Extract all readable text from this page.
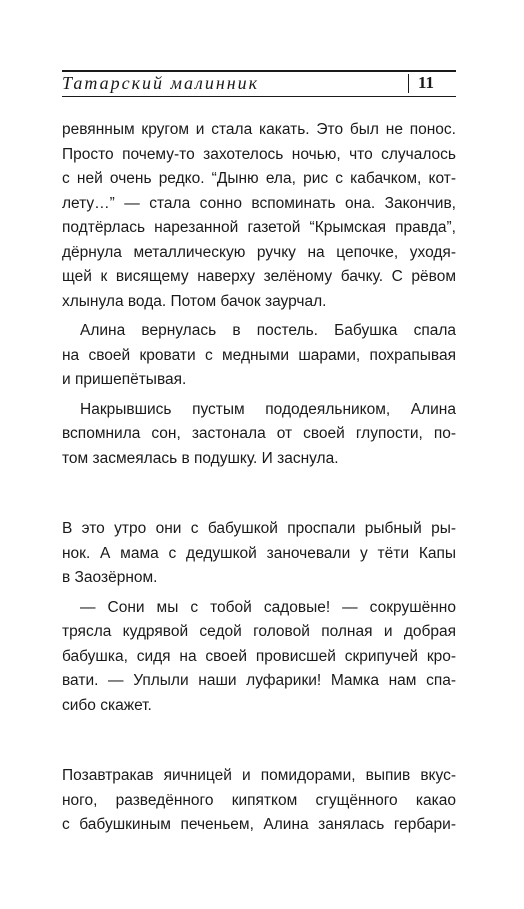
Татарский малинник	11
ревянным кругом и стала какать. Это был не понос.
Просто почему-то захотелось ночью, что случалось
с ней очень редко. “Дыню ела, рис с кабачком, кот-
лету…” — стала сонно вспоминать она. Закончив,
подтёрлась нарезанной газетой “Крымская правда”,
дёрнула металлическую ручку на цепочке, уходя-
щей к висящему наверху зелёному бачку. С рёвом
хлынула вода. Потом бачок заурчал.
Алина вернулась в постель. Бабушка спала
на своей кровати с медными шарами, похрапывая
и пришепётывая.
Накрывшись пустым пододеяльником, Алина
вспомнила сон, застонала от своей глупости, по-
том засмеялась в подушку. И заснула.
В это утро они с бабушкой проспали рыбный ры-
нок. А мама с дедушкой заночевали у тёти Капы
в Заозёрном.
— Сони мы с тобой садовые! — сокрушённо
трясла кудрявой седой головой полная и добрая
бабушка, сидя на своей провисшей скрипучей кро-
вати. — Уплыли наши луфарики! Мамка нам спа-
сибо скажет.
Позавтракав яичницей и помидорами, выпив вкус-
ного, разведённого кипятком сгущённого какао
с бабушкиным печеньем, Алина занялась гербари-
